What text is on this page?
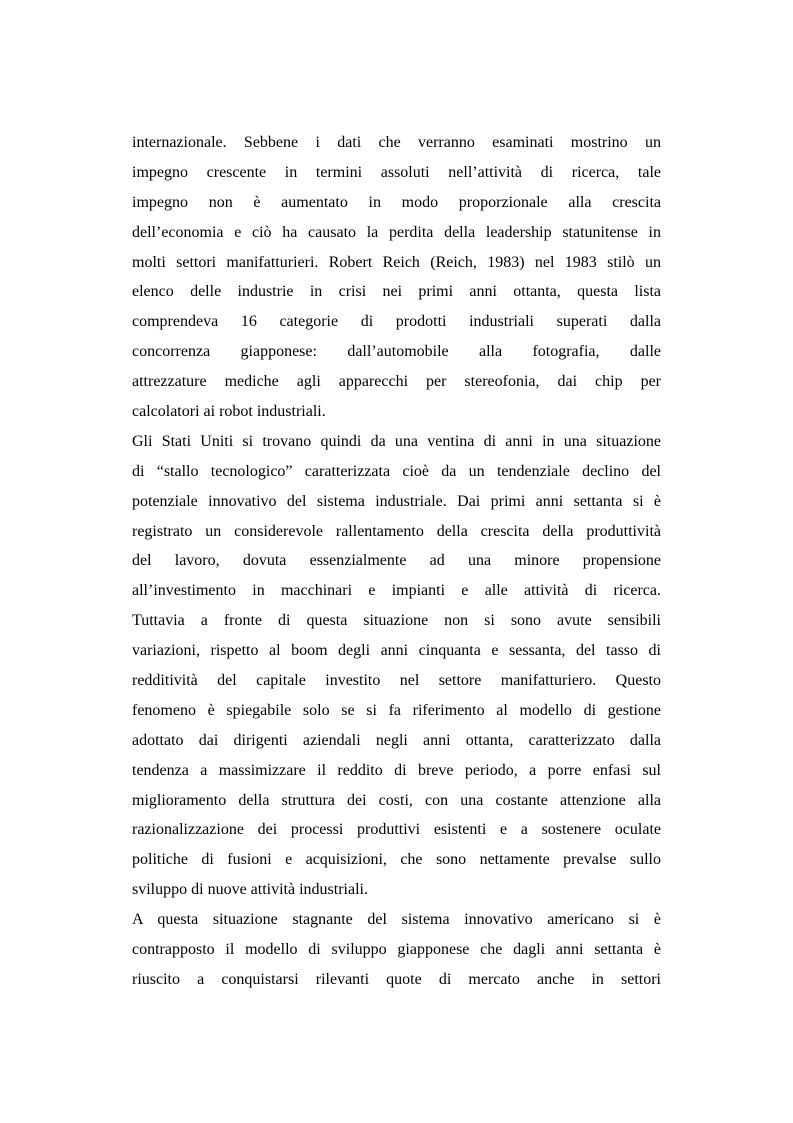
internazionale. Sebbene i dati che verranno esaminati mostrino un
impegno crescente in termini assoluti nell’attività di ricerca, tale
impegno non è aumentato in modo proporzionale alla crescita
dell’economia e ciò ha causato la perdita della leadership statunitense in
molti settori manifatturieri. Robert Reich (Reich, 1983) nel 1983 stilò un
elenco delle industrie in crisi nei primi anni ottanta, questa lista
comprendeva 16 categorie di prodotti industriali superati dalla
concorrenza giapponese: dall’automobile alla fotografia, dalle
attrezzature mediche agli apparecchi per stereofonia, dai chip per
calcolatori ai robot industriali.
Gli Stati Uniti si trovano quindi da una ventina di anni in una situazione
di “stallo tecnologico” caratterizzata cioè da un tendenziale declino del
potenziale innovativo del sistema industriale. Dai primi anni settanta si è
registrato un considerevole rallentamento della crescita della produttività
del lavoro, dovuta essenzialmente ad una minore propensione
all’investimento in macchinari e impianti e alle attività di ricerca.
Tuttavia a fronte di questa situazione non si sono avute sensibili
variazioni, rispetto al boom degli anni cinquanta e sessanta, del tasso di
redditività del capitale investito nel settore manifatturiero. Questo
fenomeno è spiegabile solo se si fa riferimento al modello di gestione
adottato dai dirigenti aziendali negli anni ottanta, caratterizzato dalla
tendenza a massimizzare il reddito di breve periodo, a porre enfasi sul
miglioramento della struttura dei costi, con una costante attenzione alla
razionalizzazione dei processi produttivi esistenti e a sostenere oculate
politiche di fusioni e acquisizioni, che sono nettamente prevalse sullo
sviluppo di nuove attività industriali.
A questa situazione stagnante del sistema innovativo americano si è
contrapposto il modello di sviluppo giapponese che dagli anni settanta è
riuscito a conquistarsi rilevanti quote di mercato anche in settori
